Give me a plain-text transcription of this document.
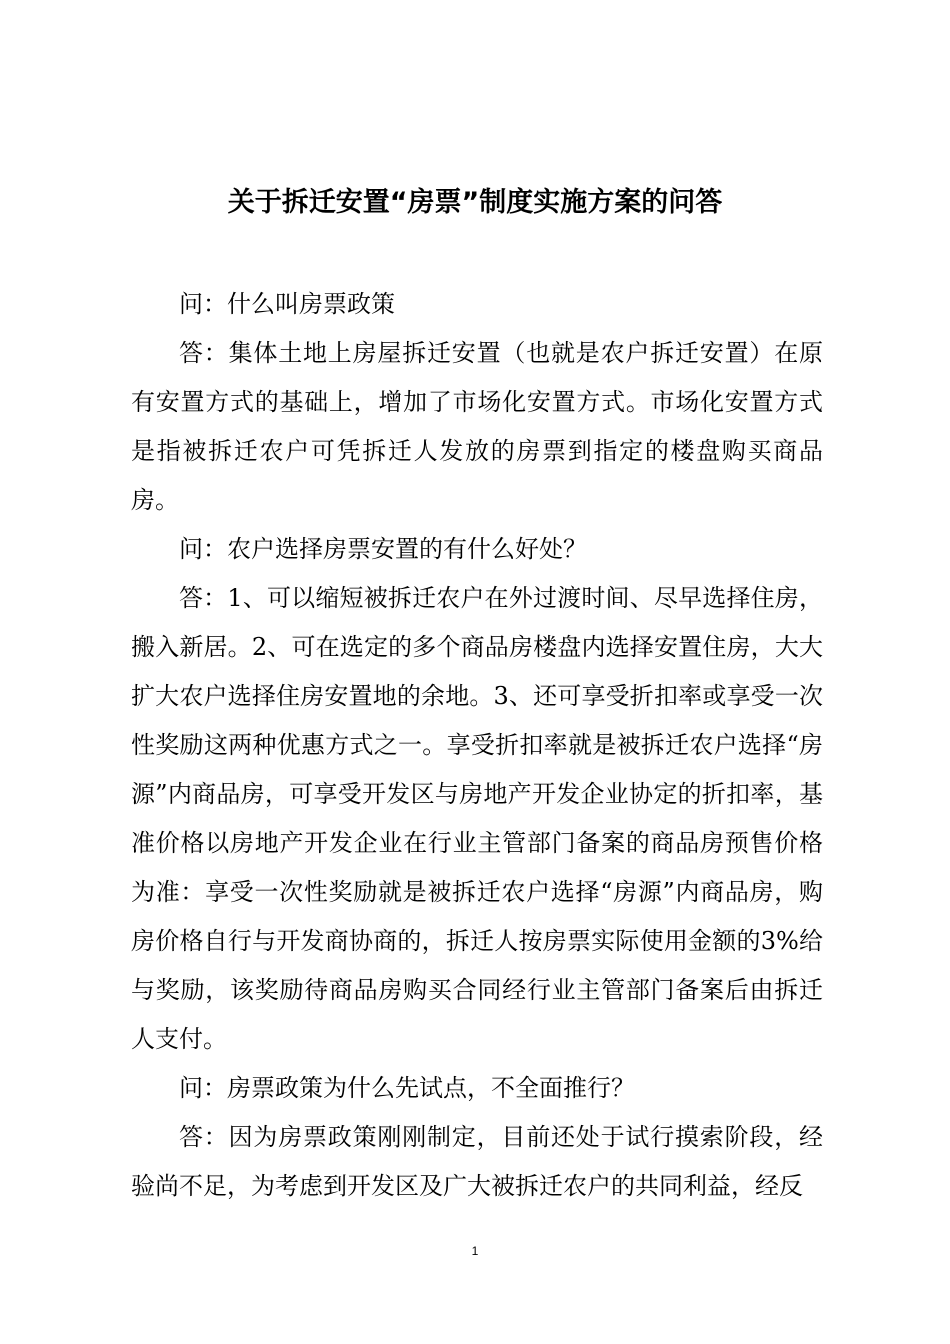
关于拆迁安置“房票”制度实施方案的问答

问：什么叫房票政策

答：集体土地上房屋拆迁安置（也就是农户拆迁安置）在原有安置方式的基础上，增加了市场化安置方式。市场化安置方式是指被拆迁农户可凭拆迁人发放的房票到指定的楼盘购买商品房。

问：农户选择房票安置的有什么好处？

答：1、可以缩短被拆迁农户在外过渡时间、尽早选择住房，搬入新居。2、可在选定的多个商品房楼盘内选择安置住房，大大扩大农户选择住房安置地的余地。3、还可享受折扣率或享受一次性奖励这两种优惠方式之一。享受折扣率就是被拆迁农户选择“房源”内商品房，可享受开发区与房地产开发企业协定的折扣率，基准价格以房地产开发企业在行业主管部门备案的商品房预售价格为准：享受一次性奖励就是被拆迁农户选择“房源”内商品房，购房价格自行与开发商协商的，拆迁人按房票实际使用金额的3%给与奖励，该奖励待商品房购买合同经行业主管部门备案后由拆迁人支付。

问：房票政策为什么先试点，不全面推行？

答：因为房票政策刚刚制定，目前还处于试行摸索阶段，经验尚不足，为考虑到开发区及广大被拆迁农户的共同利益，经反

1
